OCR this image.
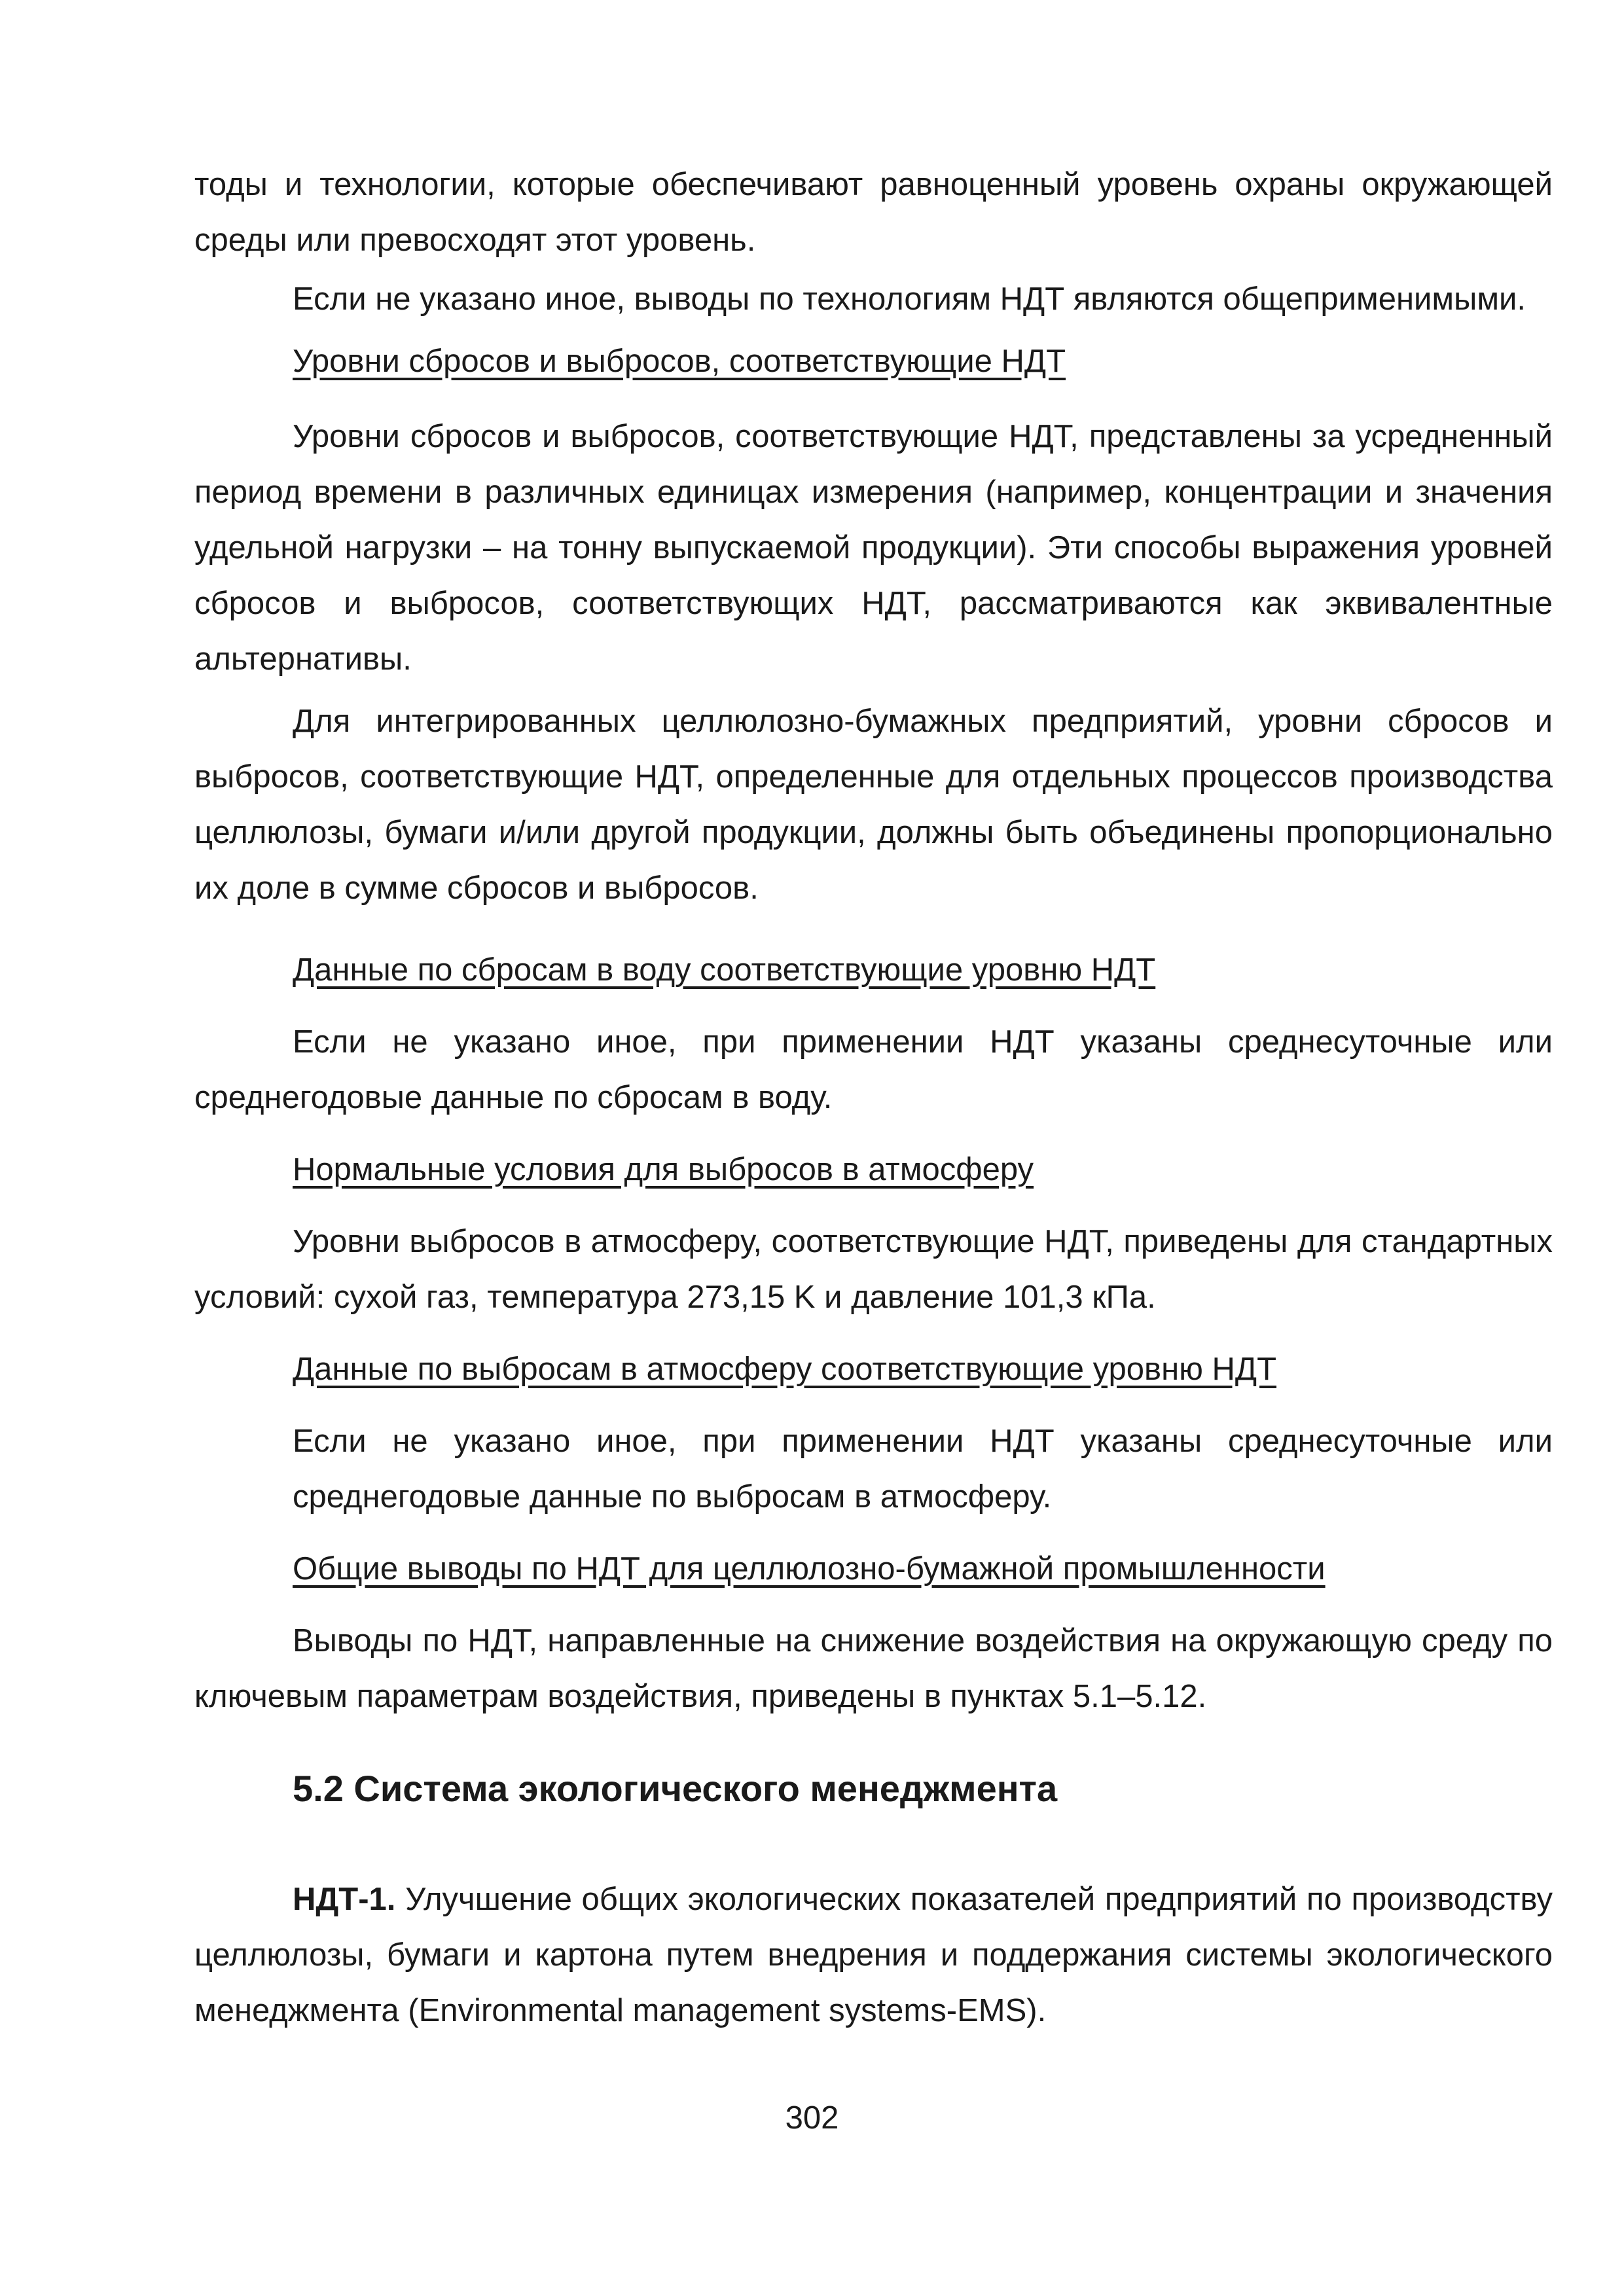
тоды и технологии, которые обеспечивают равноценный уровень охраны окружающей среды или превосходят этот уровень.

Если не указано иное, выводы по технологиям НДТ являются общеприменимыми.

Уровни сбросов и выбросов, соответствующие НДТ

Уровни сбросов и выбросов, соответствующие НДТ, представлены за усредненный период времени в различных единицах измерения (например, концентрации и значения удельной нагрузки – на тонну выпускаемой продукции). Эти способы выражения уровней сбросов и выбросов, соответствующих НДТ, рассматриваются как эквивалентные альтернативы.

Для интегрированных целлюлозно-бумажных предприятий, уровни сбросов и выбросов, соответствующие НДТ, определенные для отдельных процессов производства целлюлозы, бумаги и/или другой продукции, должны быть объединены пропорционально их доле в сумме сбросов и выбросов.

Данные по сбросам в воду соответствующие уровню НДТ

Если не указано иное, при применении НДТ указаны среднесуточные или среднегодовые данные по сбросам в воду.

Нормальные условия для выбросов в атмосферу

Уровни выбросов в атмосферу, соответствующие НДТ, приведены для стандартных условий: сухой газ, температура 273,15 K и давление 101,3 кПа.

Данные по выбросам в атмосферу соответствующие уровню НДТ

Если не указано иное, при применении НДТ указаны среднесуточные или среднегодовые данные по выбросам в атмосферу.

Общие выводы по НДТ для целлюлозно-бумажной промышленности

Выводы по НДТ, направленные на снижение воздействия на окружающую среду по ключевым параметрам воздействия, приведены в пунктах 5.1–5.12.

5.2 Система экологического менеджмента

НДТ-1. Улучшение общих экологических показателей предприятий по производству целлюлозы, бумаги и картона путем внедрения и поддержания системы экологического менеджмента (Environmental management systems-EMS).

302
